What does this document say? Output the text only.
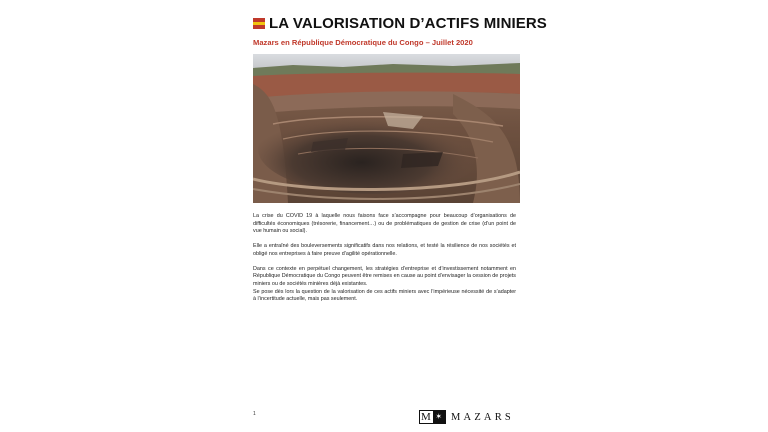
LA VALORISATION D’ACTIFS MINIERS
Mazars en République Démocratique du Congo – Juillet 2020

La crise du COVID 19 à laquelle nous faisons face s’accompagne pour beaucoup d’organisations de difficultés économiques (trésorerie, financement…) ou de problématiques de gestion de crise (d’un point de vue humain ou social).

Elle a entraîné des bouleversements significatifs dans nos relations, et testé la résilience de nos sociétés et obligé nos entreprises à faire preuve d’agilité opérationnelle.

Dans ce contexte en perpétuel changement, les stratégies d’entreprise et d’investissement notamment en République Démocratique du Congo peuvent être remises en cause au point d’envisager la cession de projets miniers ou de sociétés minières déjà existantes.

Se pose dès lors la question de la valorisation de ces actifs miniers avec l’impérieuse nécessité de s’adapter à l’incertitude actuelle, mais pas seulement.

1	M ✶ MAZARS
